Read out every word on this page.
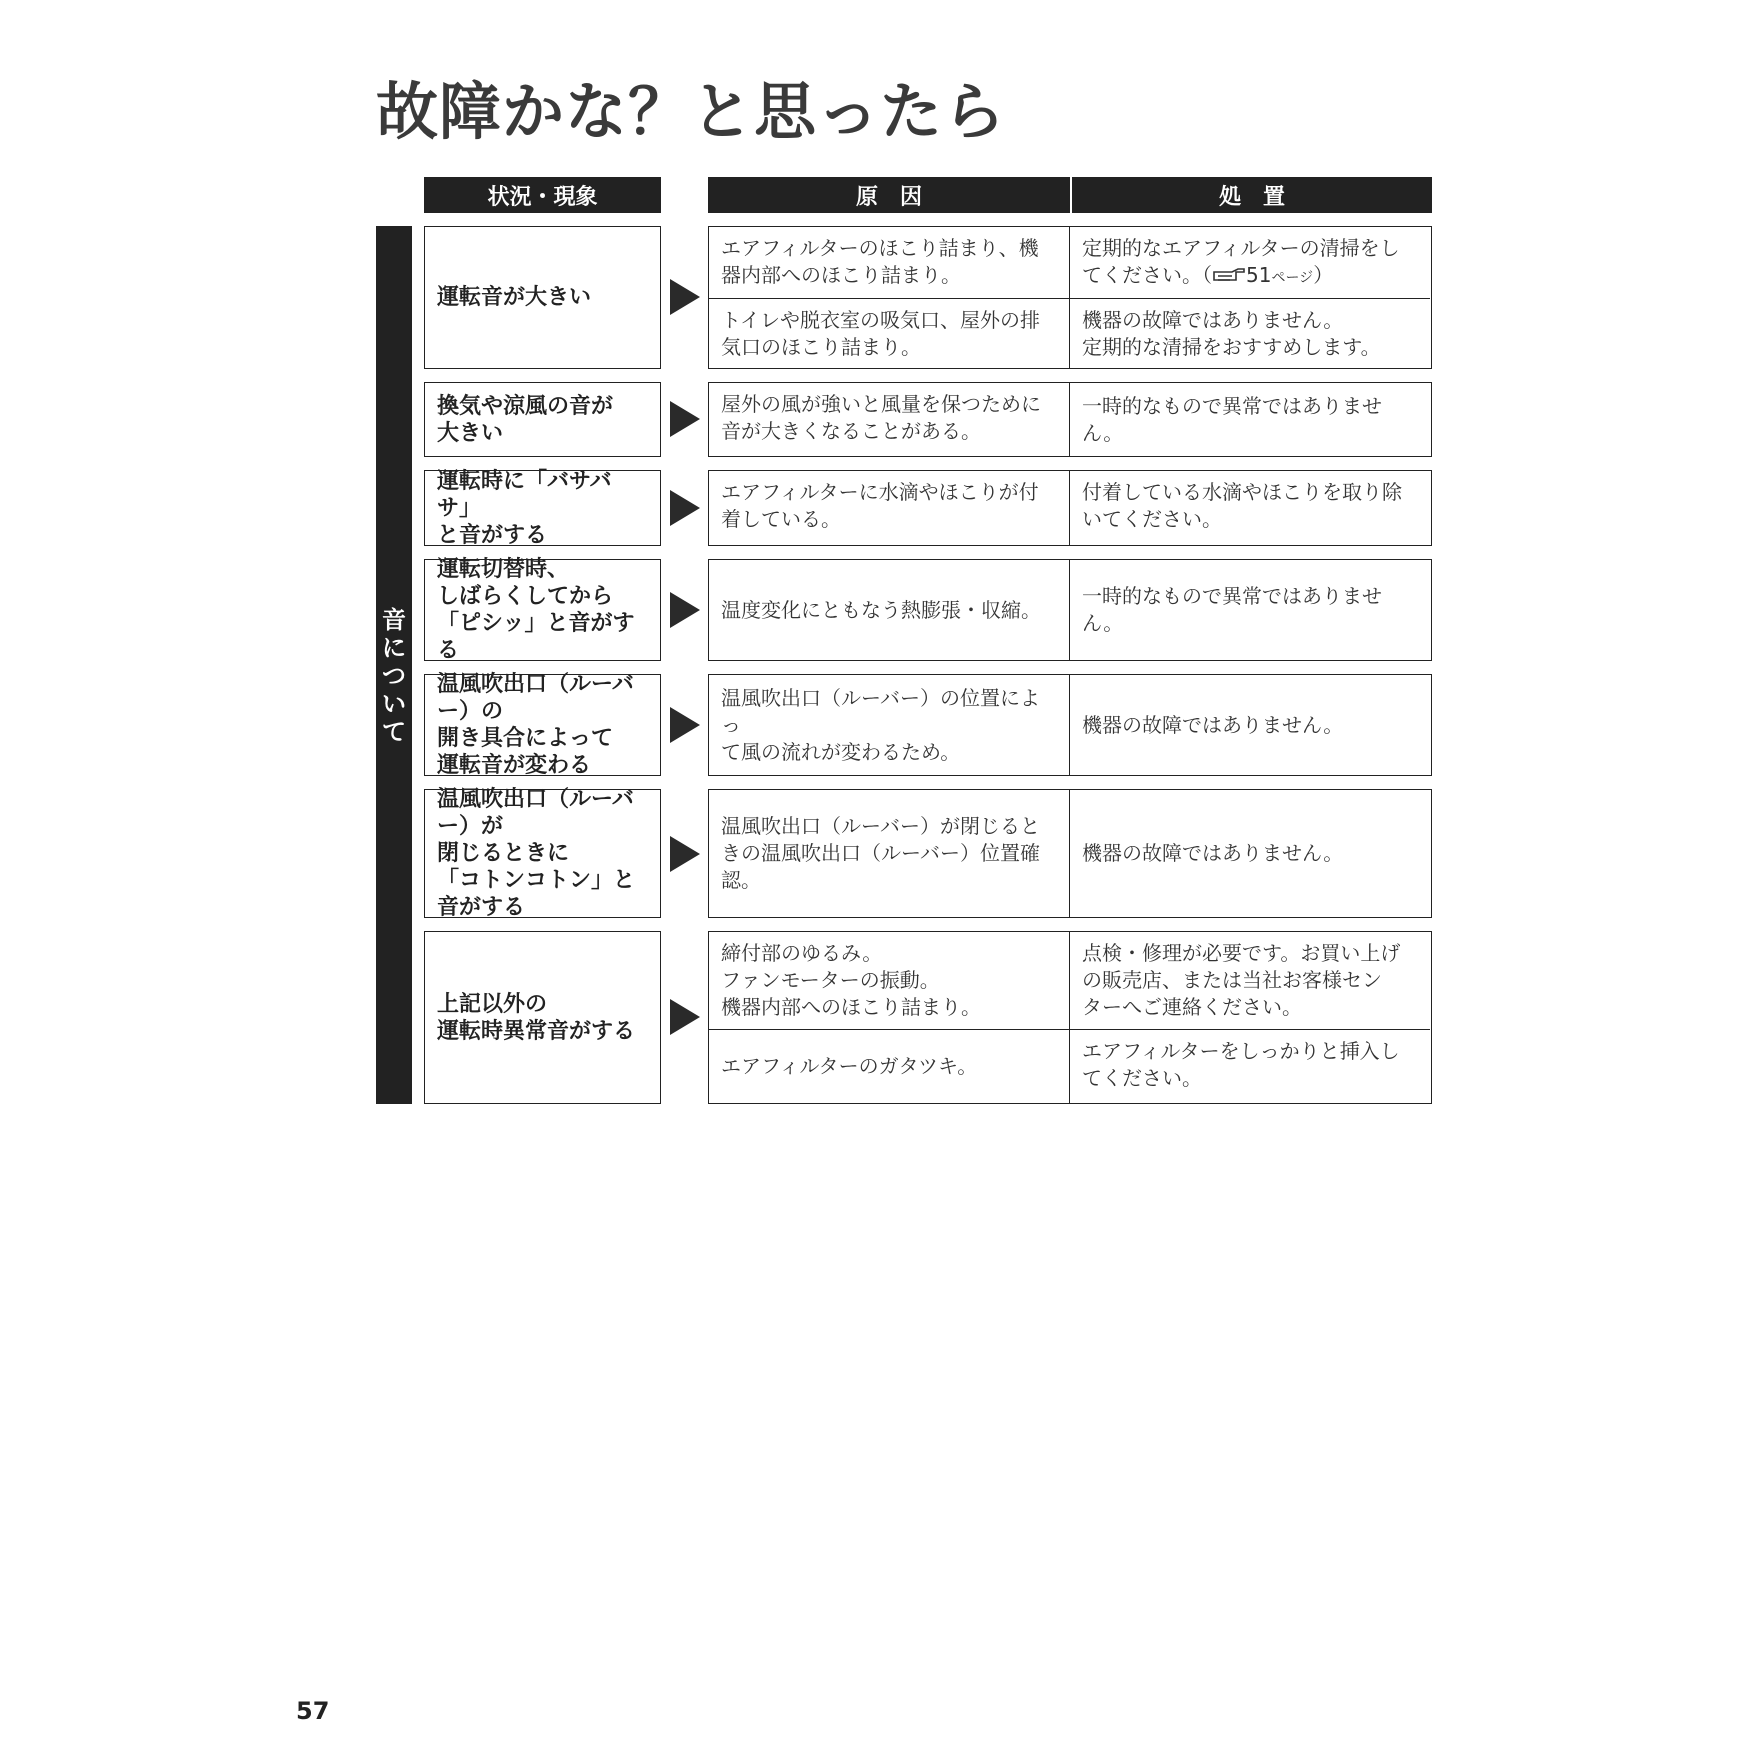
故障かな？と思ったら
状況・現象	原　因	処　置
音について
運転音が大きい
エアフィルターのほこり詰まり、機
器内部へのほこり詰まり。
定期的なエアフィルターの清掃をし
てください。（ 51ページ）
トイレや脱衣室の吸気口、屋外の排
気口のほこり詰まり。
機器の故障ではありません。
定期的な清掃をおすすめします。
換気や涼風の音が
大きい
屋外の風が強いと風量を保つために
音が大きくなることがある。
一時的なもので異常ではありません。
運転時に「バサバサ」
と音がする
エアフィルターに水滴やほこりが付
着している。
付着している水滴やほこりを取り除
いてください。
運転切替時、
しばらくしてから
「ピシッ」と音がする
温度変化にともなう熱膨張・収縮。
一時的なもので異常ではありません。
温風吹出口（ルーバー）の
開き具合によって
運転音が変わる
温風吹出口（ルーバー）の位置によっ
て風の流れが変わるため。
機器の故障ではありません。
温風吹出口（ルーバー）が
閉じるときに
「コトンコトン」と
音がする
温風吹出口（ルーバー）が閉じると
きの温風吹出口（ルーバー）位置確認。
機器の故障ではありません。
上記以外の
運転時異常音がする
締付部のゆるみ。
ファンモーターの振動。
機器内部へのほこり詰まり。
点検・修理が必要です。お買い上げ
の販売店、または当社お客様セン
ターへご連絡ください。
エアフィルターのガタツキ。
エアフィルターをしっかりと挿入し
てください。
57
